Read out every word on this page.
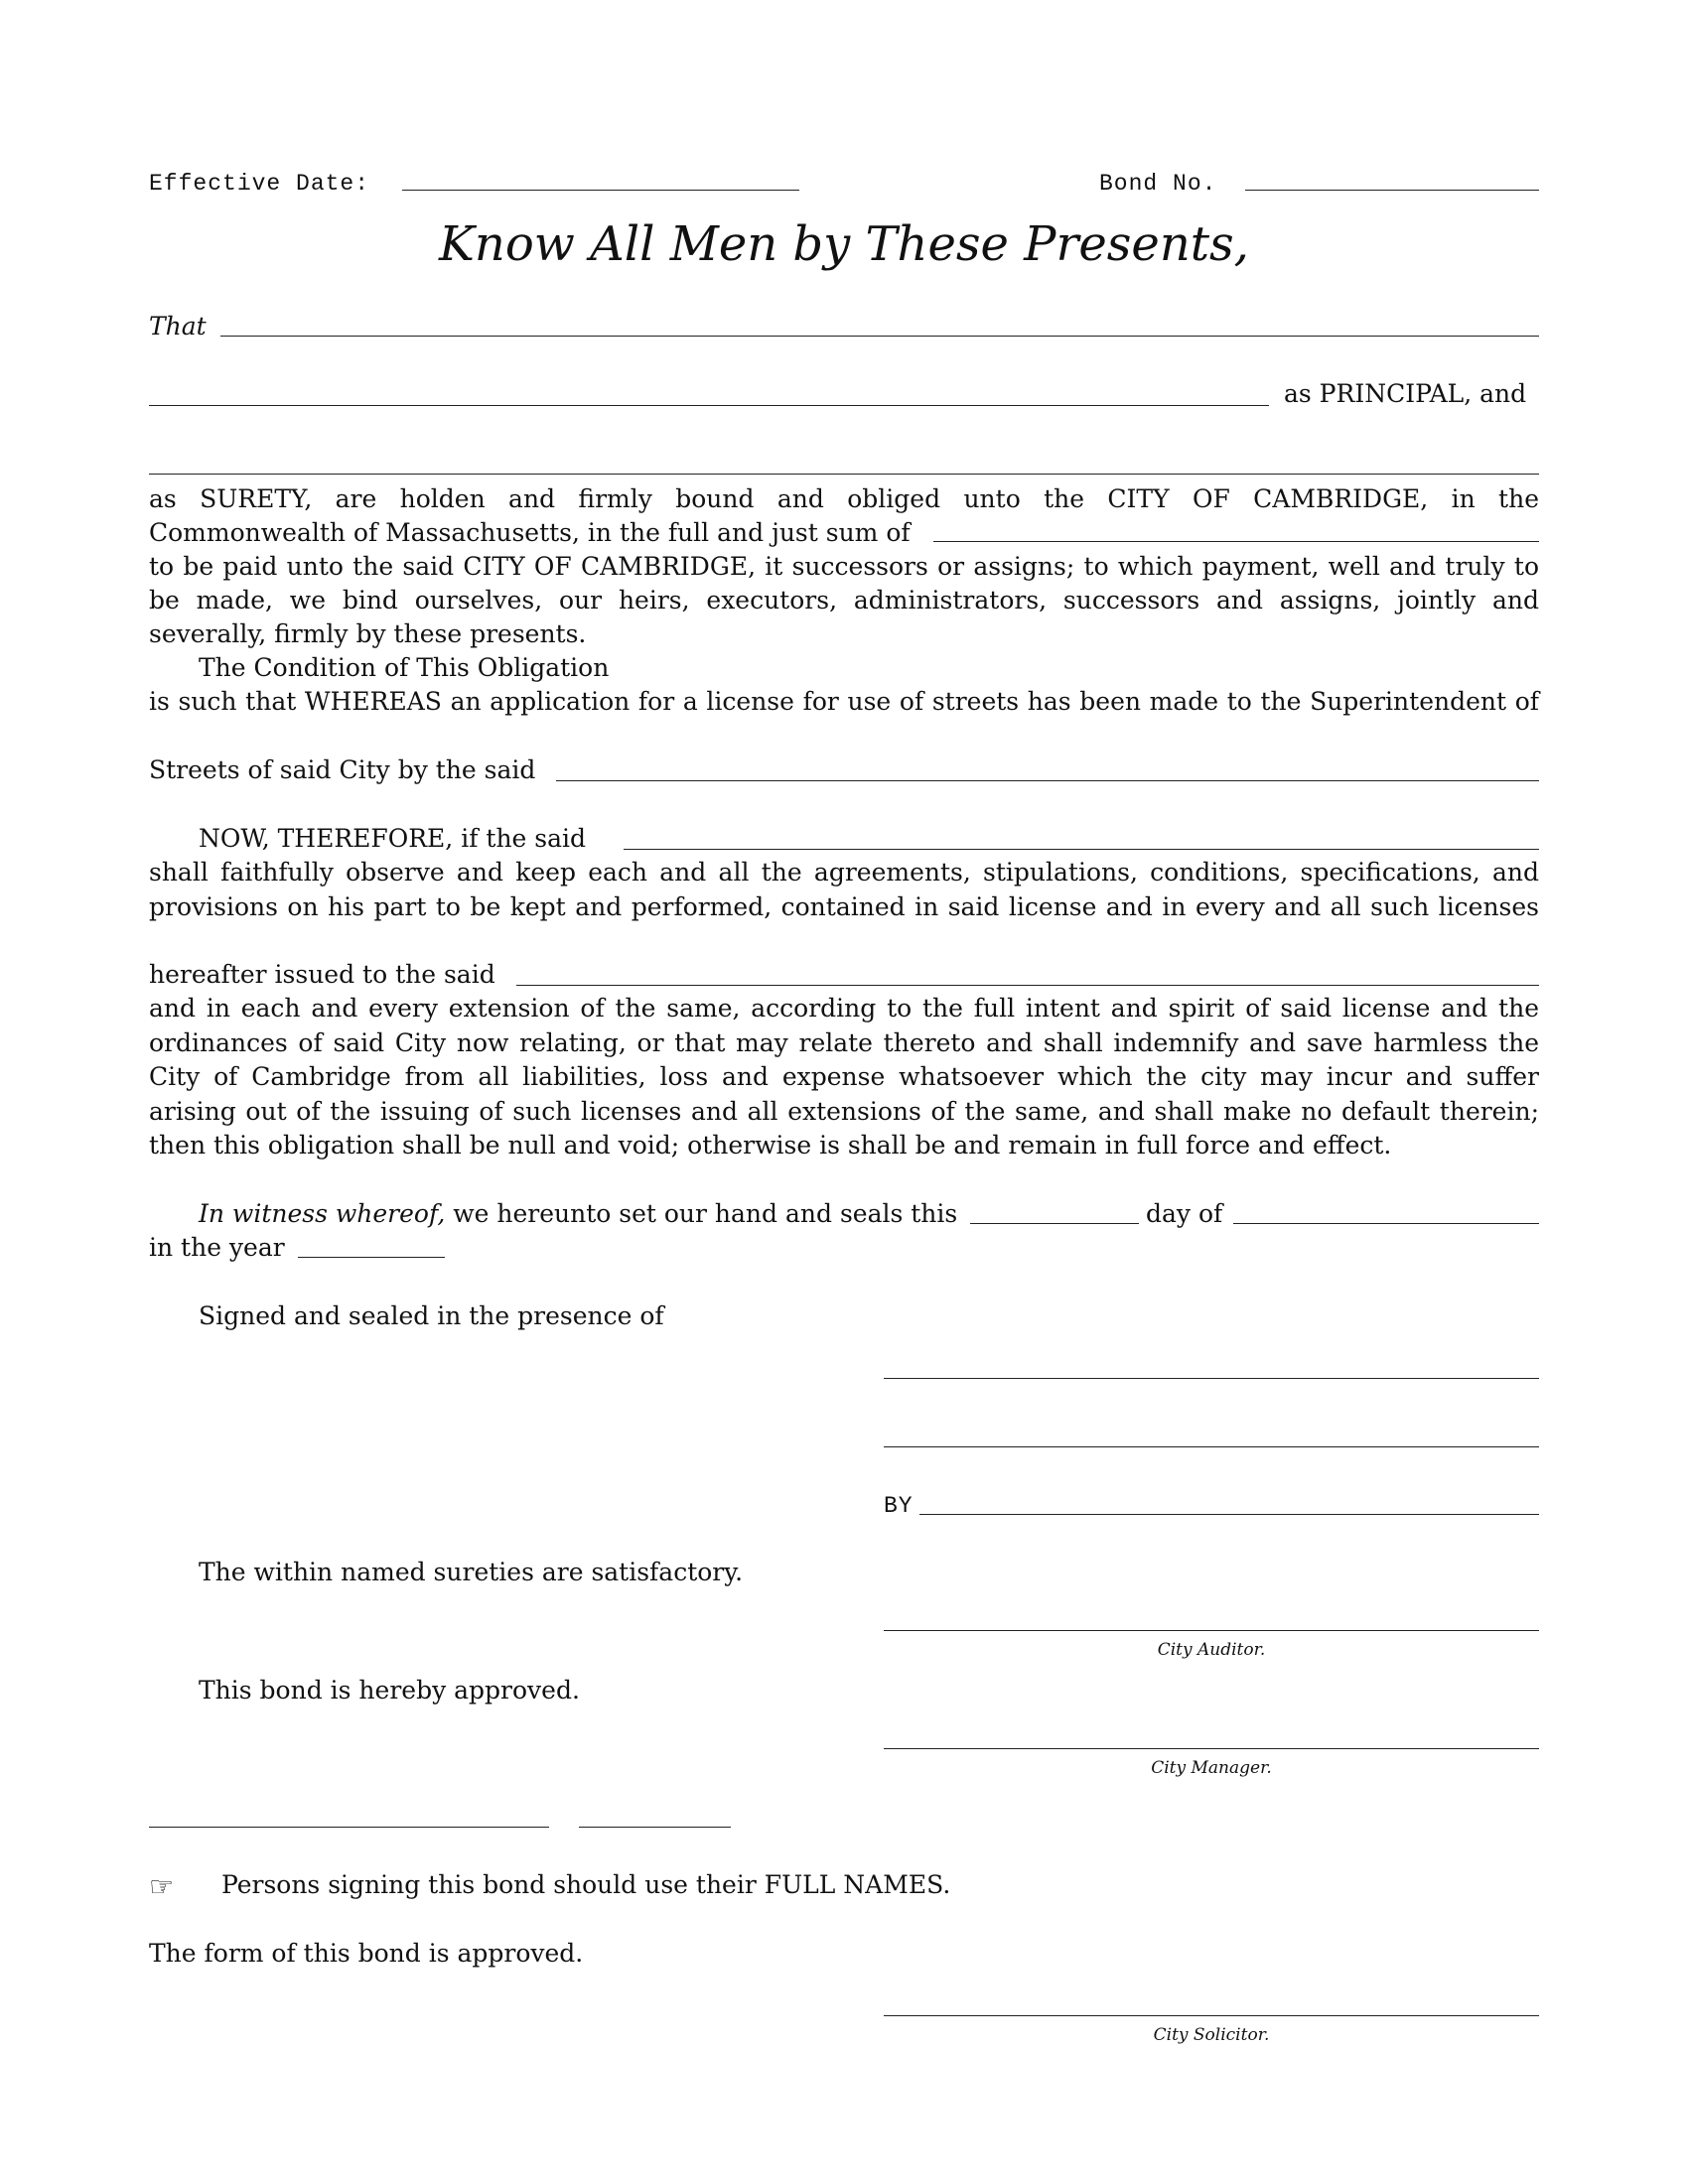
Effective Date:	Bond No.
Know All Men by These Presents,
That
as PRINCIPAL, and
as SURETY, are holden and firmly bound and obliged unto the CITY OF CAMBRIDGE, in the
Commonwealth of Massachusetts, in the full and just sum of
to be paid unto the said CITY OF CAMBRIDGE, it successors or assigns; to which payment, well and truly to
be made, we bind ourselves, our heirs, executors, administrators, successors and assigns, jointly and
severally, firmly by these presents.
The Condition of This Obligation
is such that WHEREAS an application for a license for use of streets has been made to the Superintendent of
Streets of said City by the said
NOW, THEREFORE, if the said
shall faithfully observe and keep each and all the agreements, stipulations, conditions, specifications, and
provisions on his part to be kept and performed, contained in said license and in every and all such licenses
hereafter issued to the said
and in each and every extension of the same, according to the full intent and spirit of said license and the
ordinances of said City now relating, or that may relate thereto and shall indemnify and save harmless the
City of Cambridge from all liabilities, loss and expense whatsoever which the city may incur and suffer
arising out of the issuing of such licenses and all extensions of the same, and shall make no default therein;
then this obligation shall be null and void; otherwise is shall be and remain in full force and effect.
In witness whereof, we hereunto set our hand and seals this	day of
in the year
Signed and sealed in the presence of
BY
The within named sureties are satisfactory.
City Auditor.
This bond is hereby approved.
City Manager.
☞ Persons signing this bond should use their FULL NAMES.
The form of this bond is approved.
City Solicitor.
